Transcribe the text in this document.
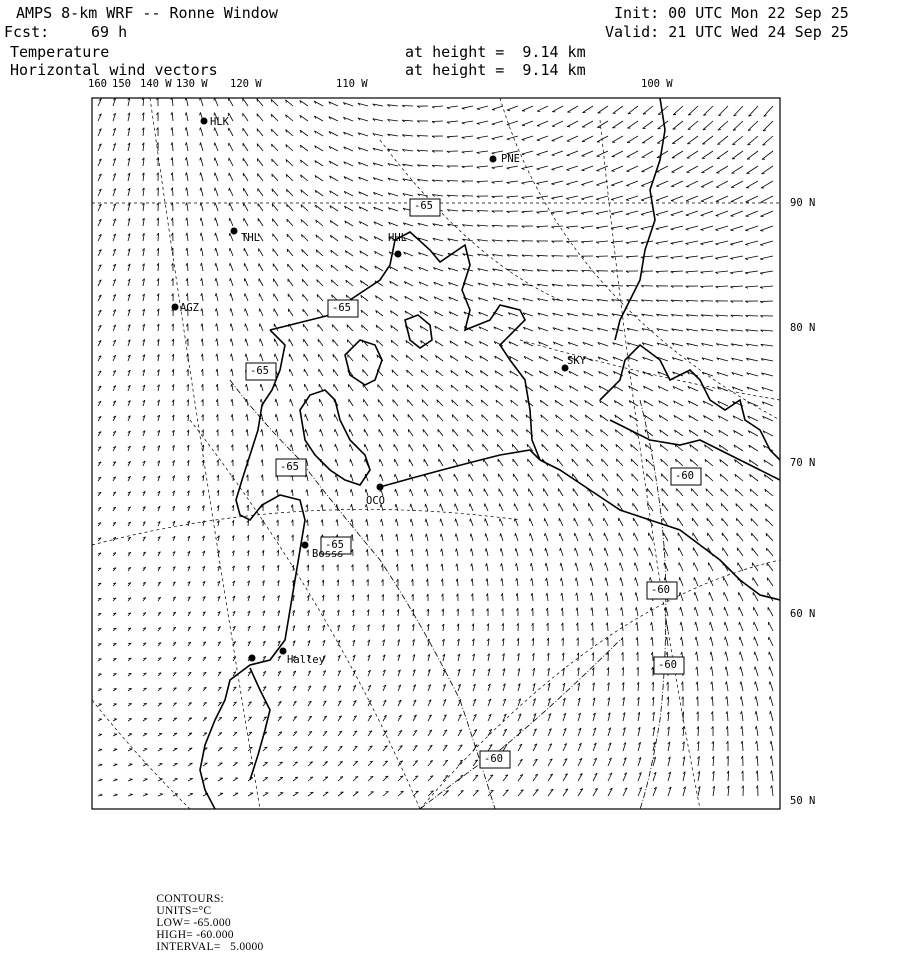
AMPS 8-km WRF -- Ronne Window	Init: 00 UTC Mon 22 Sep 25
Fcst:	69 h	Valid: 21 UTC Wed 24 Sep 25
Temperature	at height =  9.14 km
Horizontal wind vectors	at height =  9.14 km
160 150 140 W 130 W 120 W	110 W	100 W
90 N
80 N
70 N
60 N
50 N
HLK
PNE
THL	HHL
AGZ
SKY
OCO
Bosss
Halley
-65
-65
-65
-65
-65
-60
-60
-60
-60

CONTOURS:
UNITS=°C
LOW= -65.000
HIGH= -60.000
INTERVAL=   5.0000
